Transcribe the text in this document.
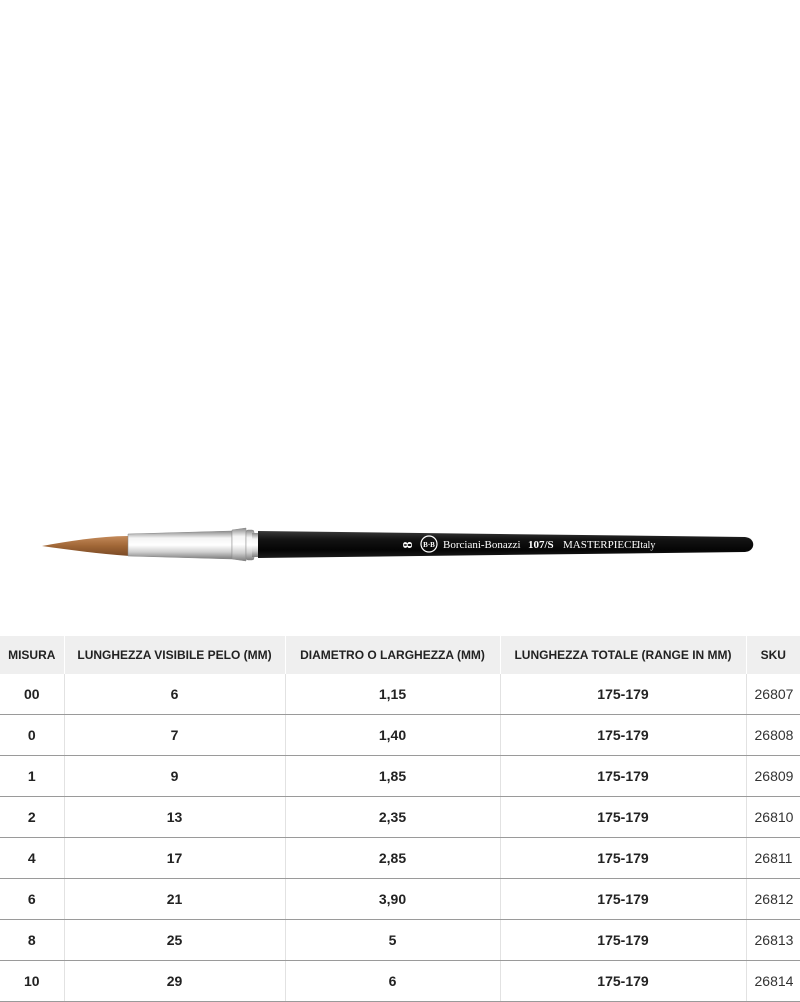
8 B·B Borciani-Bonazzi 107/S MASTERPIECE
Italy
MISURA	LUNGHEZZA VISIBILE PELO (MM)	DIAMETRO O LARGHEZZA (MM)	LUNGHEZZA TOTALE (RANGE IN MM)	SKU
00	6	1,15	175-179	26807
0	7	1,40	175-179	26808
1	9	1,85	175-179	26809
2	13	2,35	175-179	26810
4	17	2,85	175-179	26811
6	21	3,90	175-179	26812
8	25	5	175-179	26813
10	29	6	175-179	26814
